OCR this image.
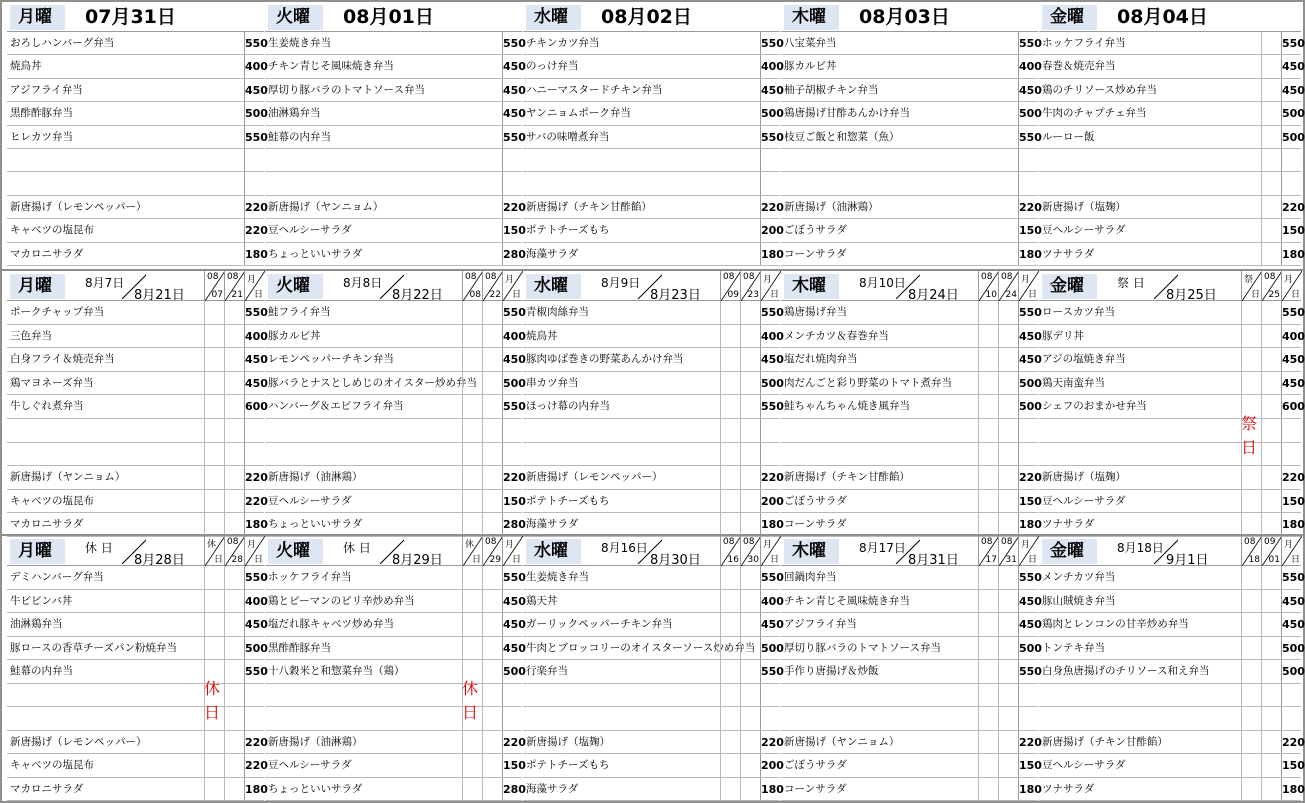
月曜	07月31日
おろしハンバーグ弁当	550
焼鳥丼	400
アジフライ弁当	450
黒酢酢豚弁当	500
ヒレカツ弁当	550
新唐揚げ（レモンペッパー）	220
キャベツの塩昆布	220
マカロニサラダ	180
火曜	08月01日
生姜焼き弁当	550
チキン青じそ風味焼き弁当	450
厚切り豚バラのトマトソース弁当	450
油淋鶏弁当	450
鮭幕の内弁当	550
新唐揚げ（ヤンニョム）	220
豆ヘルシーサラダ	150
ちょっといいサラダ	280
水曜	08月02日
チキンカツ弁当	550
のっけ弁当	400
ハニーマスタードチキン弁当	450
ヤンニョムポーク弁当	500
サバの味噌煮弁当	550
新唐揚げ（チキン甘酢餡）	220
ポテトチーズもち	200
海藻サラダ	180
木曜	08月03日
八宝菜弁当	550
豚カルビ丼	400
柚子胡椒チキン弁当	450
鶏唐揚げ甘酢あんかけ弁当	500
枝豆ご飯と和惣菜（魚）	550
新唐揚げ（油淋鶏）	220
ごぼうサラダ	150
コーンサラダ	180
金曜	08月04日
ホッケフライ弁当	550
春巻＆焼売弁当	450
鶏のチリソース炒め弁当	450
牛肉のチャプチェ弁当	500
ルーロー飯	500
新唐揚げ（塩麹）	220
豆ヘルシーサラダ	150
ツナサラダ	180
月曜	8月7日
8月21日
08
07
08
21
月
日
ポークチャップ弁当	550
三色弁当	400
白身フライ＆焼売弁当	450
鶏マヨネーズ弁当	450
牛しぐれ煮弁当	600
新唐揚げ（ヤンニョム）	220
キャベツの塩昆布	220
マカロニサラダ	180
火曜	8月8日
8月22日
08
08
08
22
月
日
鮭フライ弁当	550
豚カルビ丼	400
レモンペッパーチキン弁当	450
豚バラとナスとしめじのオイスター炒め弁当 500
ハンバーグ＆エビフライ弁当	550
新唐揚げ（油淋鶏）	220
豆ヘルシーサラダ	150
ちょっといいサラダ	280
水曜	8月9日
8月23日
08
09
08
23
月
日
青椒肉絲弁当	550
焼鳥丼	400
豚肉ゆば巻きの野菜あんかけ弁当	450
串カツ弁当	500
ほっけ幕の内弁当	550
新唐揚げ（レモンペッパー）	220
ポテトチーズもち	200
海藻サラダ	180
木曜	8月10日
8月24日
08
10
08
24
月
日
鶏唐揚げ弁当	550
メンチカツ＆春巻弁当	450
塩だれ焼肉弁当	450
肉だんごと彩り野菜のトマト煮弁当	500
鮭ちゃんちゃん焼き風弁当	500
新唐揚げ（チキン甘酢餡）	220
ごぼうサラダ	150
コーンサラダ	180
金曜	祭 日
8月25日
祭
日
08
25
月
日
ロースカツ弁当	550
豚デリ丼	400
アジの塩焼き弁当	450
鶏天南蛮弁当	450
シェフのおまかせ弁当	600
新唐揚げ（塩麹）	220
豆ヘルシーサラダ	150
ツナサラダ	180
祭
日
月曜	休 日
8月28日
休
日
08
28
月
日
デミハンバーグ弁当	550
牛ビビンバ丼	400
油淋鶏弁当	450
豚ロースの香草チーズパン粉焼弁当	500
鮭幕の内弁当	550
新唐揚げ（レモンペッパー）	220
キャベツの塩昆布	220
マカロニサラダ	180
休
日
火曜	休 日
8月29日
休
日
08
29
月
日
ホッケフライ弁当	550
鶏とピーマンのピリ辛炒め弁当	450
塩だれ豚キャベツ炒め弁当	450
黒酢酢豚弁当	450
十八穀米と和惣菜弁当（鶏）	500
新唐揚げ（油淋鶏）	220
豆ヘルシーサラダ	150
ちょっといいサラダ	280
休
日
水曜	8月16日
8月30日
08
16
08
30
月
日
生姜焼き弁当	550
鶏天丼	400
ガーリックペッパーチキン弁当	450
牛肉とブロッコリーのオイスターソース炒め弁当 500
行楽弁当	550
新唐揚げ（塩麹）	220
ポテトチーズもち	200
海藻サラダ	180
木曜	8月17日
8月31日
08
17
08
31
月
日
回鍋肉弁当	550
チキン青じそ風味焼き弁当	450
アジフライ弁当	450
厚切り豚バラのトマトソース弁当	500
手作り唐揚げ＆炒飯	550
新唐揚げ（ヤンニョム）	220
ごぼうサラダ	150
コーンサラダ	180
金曜	8月18日
9月1日
08
18
09
01
月
日
メンチカツ弁当	550
豚山賊焼き弁当	450
鶏肉とレンコンの甘辛炒め弁当	450
トンテキ弁当	500
白身魚唐揚げのチリソース和え弁当	500
新唐揚げ（チキン甘酢餡）	220
豆ヘルシーサラダ	150
ツナサラダ	180
